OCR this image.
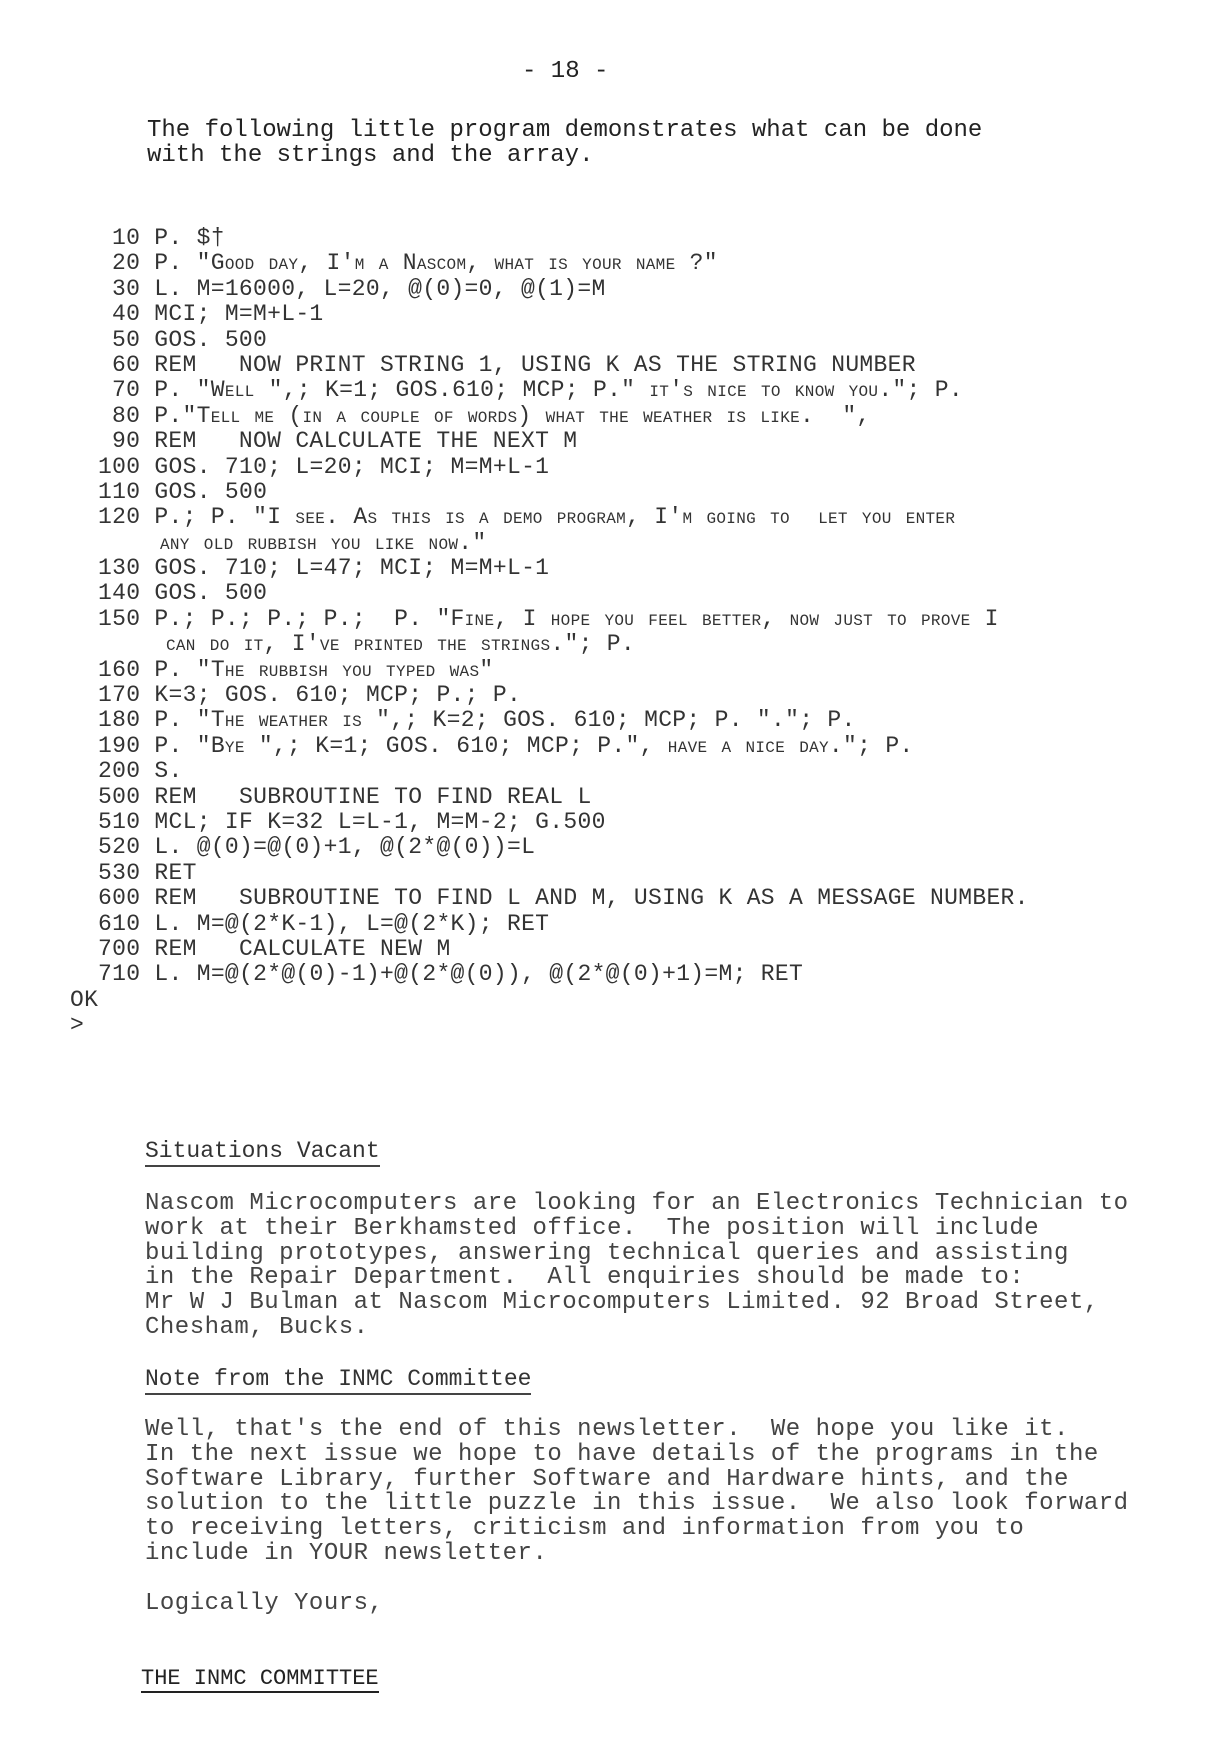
- 18 -
The following little program demonstrates what can be done
with the strings and the array.
10 P. $†
20 P. "Good day, I'm a Nascom, what is your name ?"
30 L. M=16000, L=20, @(0)=0, @(1)=M
40 MCI; M=M+L-1
50 GOS. 500
60 REM   NOW PRINT STRING 1, USING K AS THE STRING NUMBER
70 P. "Well ",; K=1; GOS.610; MCP; P." it's nice to know you."; P.
80 P."Tell me (in a couple of words) what the weather is like.  ",
90 REM   NOW CALCULATE THE NEXT M
100 GOS. 710; L=20; MCI; M=M+L-1
110 GOS. 500
120 P.; P. "I see. As this is a demo program, I'm going to  let you enter
any old rubbish you like now."
130 GOS. 710; L=47; MCI; M=M+L-1
140 GOS. 500
150 P.; P.; P.; P.;  P. "Fine, I hope you feel better, now just to prove I
can do it, I've printed the strings."; P.
160 P. "The rubbish you typed was"
170 K=3; GOS. 610; MCP; P.; P.
180 P. "The weather is ",; K=2; GOS. 610; MCP; P. "."; P.
190 P. "Bye ",; K=1; GOS. 610; MCP; P.", have a nice day."; P.
200 S.
500 REM   SUBROUTINE TO FIND REAL L
510 MCL; IF K=32 L=L-1, M=M-2; G.500
520 L. @(0)=@(0)+1, @(2*@(0))=L
530 RET
600 REM   SUBROUTINE TO FIND L AND M, USING K AS A MESSAGE NUMBER.
610 L. M=@(2*K-1), L=@(2*K); RET
700 REM   CALCULATE NEW M
710 L. M=@(2*@(0)-1)+@(2*@(0)), @(2*@(0)+1)=M; RET
OK
>
Situations Vacant
Nascom Microcomputers are looking for an Electronics Technician to
work at their Berkhamsted office.  The position will include
building prototypes, answering technical queries and assisting
in the Repair Department.  All enquiries should be made to:
Mr W J Bulman at Nascom Microcomputers Limited. 92 Broad Street,
Chesham, Bucks.
Note from the INMC Committee
Well, that's the end of this newsletter.  We hope you like it.
In the next issue we hope to have details of the programs in the
Software Library, further Software and Hardware hints, and the
solution to the little puzzle in this issue.  We also look forward
to receiving letters, criticism and information from you to
include in YOUR newsletter.
Logically Yours,
THE INMC COMMITTEE
